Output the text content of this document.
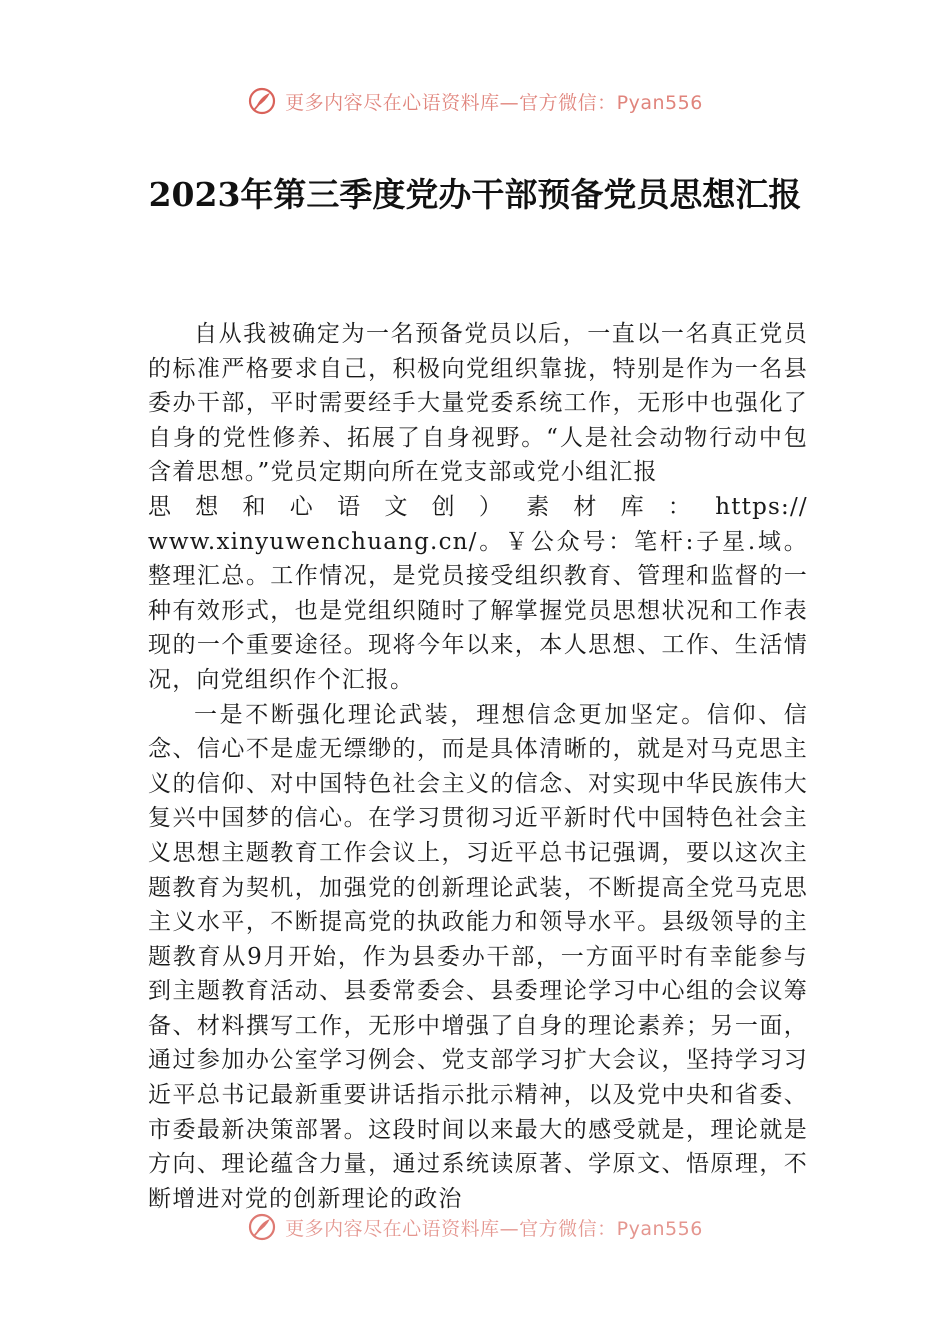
更多内容尽在心语资料库—官方微信：Pyan556
2023年第三季度党办干部预备党员思想汇报

自从我被确定为一名预备党员以后，一直以一名真正党员的标准严格要求自己，积极向党组织靠拢，特别是作为一名县委办干部，平时需要经手大量党委系统工作，无形中也强化了自身的党性修养、拓展了自身视野。“人是社会动物行动中包含着思想。”党员定期向所在党支部或党小组汇报

思 想 和 心 语 文 创 ） 素 材 库 ： https://

www.xinyuwenchuang.cn/。￥公众号：笔杆:子星.域。整理汇总。工作情况，是党员接受组织教育、管理和监督的一种有效形式，也是党组织随时了解掌握党员思想状况和工作表现的一个重要途径。现将今年以来，本人思想、工作、生活情况，向党组织作个汇报。

一是不断强化理论武装，理想信念更加坚定。信仰、信念、信心不是虚无缥缈的，而是具体清晰的，就是对马克思主义的信仰、对中国特色社会主义的信念、对实现中华民族伟大复兴中国梦的信心。在学习贯彻习近平新时代中国特色社会主义思想主题教育工作会议上，习近平总书记强调，要以这次主题教育为契机，加强党的创新理论武装，不断提高全党马克思主义水平，不断提高党的执政能力和领导水平。县级领导的主题教育从9月开始，作为县委办干部，一方面平时有幸能参与到主题教育活动、县委常委会、县委理论学习中心组的会议筹备、材料撰写工作，无形中增强了自身的理论素养；另一面，通过参加办公室学习例会、党支部学习扩大会议，坚持学习习近平总书记最新重要讲话指示批示精神，以及党中央和省委、市委最新决策部署。这段时间以来最大的感受就是，理论就是方向、理论蕴含力量，通过系统读原著、学原文、悟原理，不断增进对党的创新理论的政治

更多内容尽在心语资料库—官方微信：Pyan556
